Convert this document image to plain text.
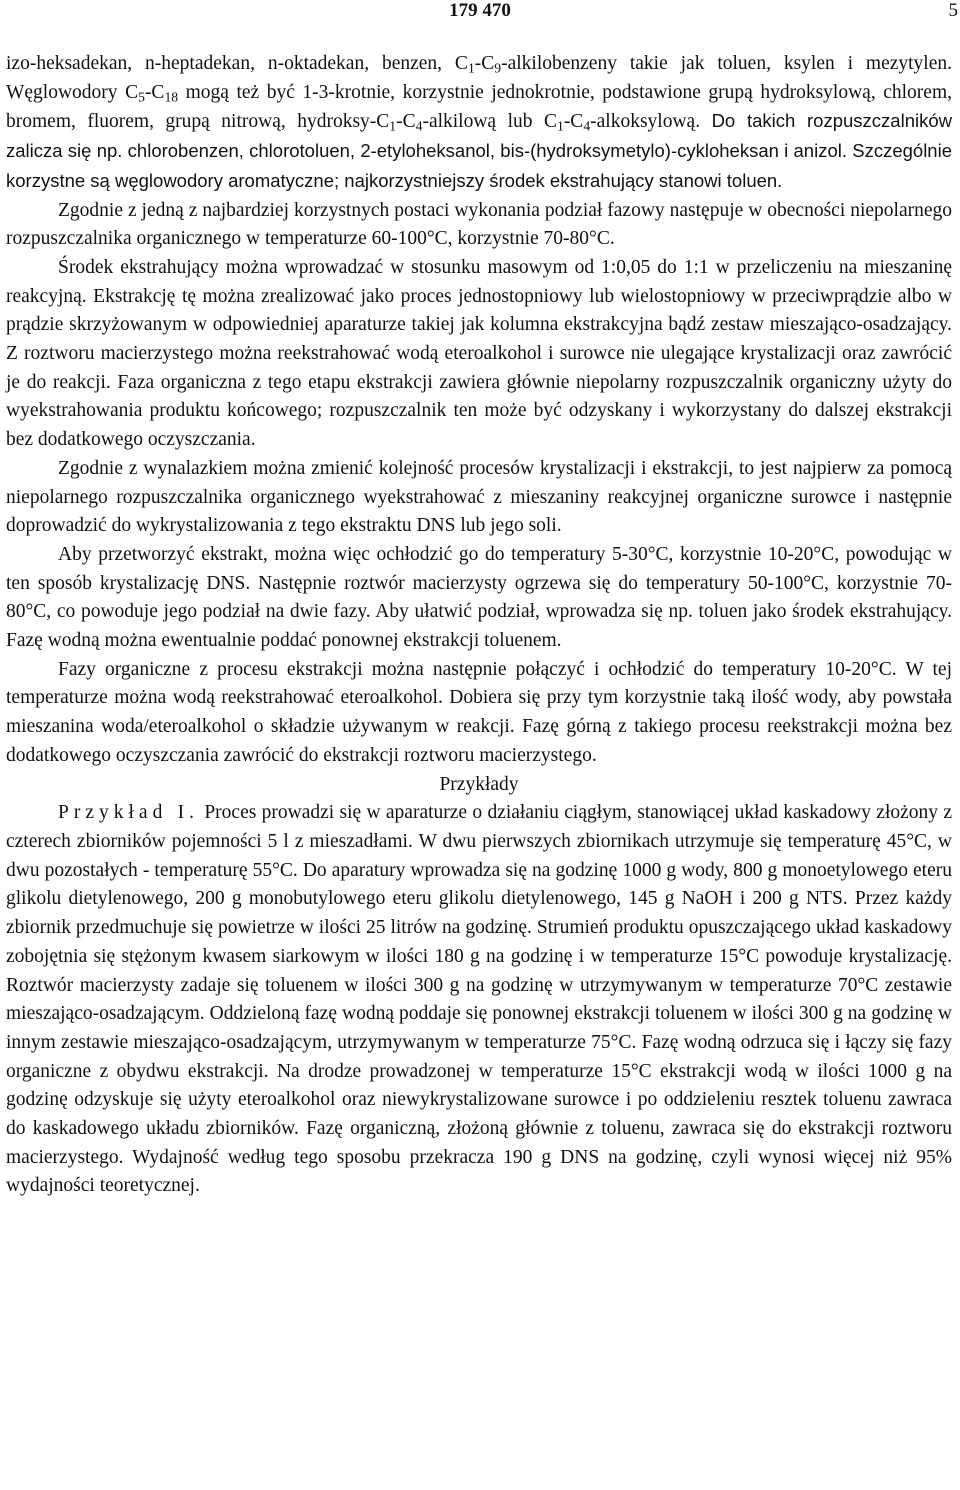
179 470	5

izo-heksadekan, n-heptadekan, n-oktadekan, benzen, $C_1-C_9$-alkilobenzeny takie jak toluen, ksylen i mezytylen. Węglowodory $C_5-C_{18}$ mogą też być 1-3-krotnie, korzystnie jednokrotnie, podstawione grupą hydroksylową, chlorem, bromem, fluorem, grupą nitrową, hydroksy-$C_1-C_4$-alkilową lub $C_1-C_4$-alkoksylową. Do takich rozpuszczalników zalicza się np. chlorobenzen, chlorotoluen, 2-etyloheksanol, bis-(hydroksymetylo)-cykloheksan i anizol. Szczególnie korzystne są węglowodory aromatyczne; najkorzystniejszy środek ekstrahujący stanowi toluen.

Zgodnie z jedną z najbardziej korzystnych postaci wykonania podział fazowy następuje w obecności niepolarnego rozpuszczalnika organicznego w temperaturze 60-100°C, korzystnie 70-80°C.

Środek ekstrahujący można wprowadzać w stosunku masowym od 1:0,05 do 1:1 w przeliczeniu na mieszaninę reakcyjną. Ekstrakcję tę można zrealizować jako proces jednostopniowy lub wielostopniowy w przeciwprądzie albo w prądzie skrzyżowanym w odpowiedniej aparaturze takiej jak kolumna ekstrakcyjna bądź zestaw mieszająco-osadzający. Z roztworu macierzystego można reekstrahować wodą eteroalkohol i surowce nie ulegające krystalizacji oraz zawrócić je do reakcji. Faza organiczna z tego etapu ekstrakcji zawiera głównie niepolarny rozpuszczalnik organiczny użyty do wyekstrahowania produktu końcowego; rozpuszczalnik ten może być odzyskany i wykorzystany do dalszej ekstrakcji bez dodatkowego oczyszczania.

Zgodnie z wynalazkiem można zmienić kolejność procesów krystalizacji i ekstrakcji, to jest najpierw za pomocą niepolarnego rozpuszczalnika organicznego wyekstrahować z mieszaniny reakcyjnej organiczne surowce i następnie doprowadzić do wykrystalizowania z tego ekstraktu DNS lub jego soli.

Aby przetworzyć ekstrakt, można więc ochłodzić go do temperatury 5-30°C, korzystnie 10-20°C, powodując w ten sposób krystalizację DNS. Następnie roztwór macierzysty ogrzewa się do temperatury 50-100°C, korzystnie 70-80°C, co powoduje jego podział na dwie fazy. Aby ułatwić podział, wprowadza się np. toluen jako środek ekstrahujący. Fazę wodną można ewentualnie poddać ponownej ekstrakcji toluenem.

Fazy organiczne z procesu ekstrakcji można następnie połączyć i ochłodzić do temperatury 10-20°C. W tej temperaturze można wodą reekstrahować eteroalkohol. Dobiera się przy tym korzystnie taką ilość wody, aby powstała mieszanina woda/eteroalkohol o składzie używanym w reakcji. Fazę górną z takiego procesu reekstrakcji można bez dodatkowego oczyszczania zawrócić do ekstrakcji roztworu macierzystego.

Przykłady

Przykład I. Proces prowadzi się w aparaturze o działaniu ciągłym, stanowiącej układ kaskadowy złożony z czterech zbiorników pojemności 5 l z mieszadłami. W dwu pierwszych zbiornikach utrzymuje się temperaturę 45°C, w dwu pozostałych - temperaturę 55°C. Do aparatury wprowadza się na godzinę 1000 g wody, 800 g monoetylowego eteru glikolu dietylenowego, 200 g monobutylowego eteru glikolu dietylenowego, 145 g NaOH i 200 g NTS. Przez każdy zbiornik przedmuchuje się powietrze w ilości 25 litrów na godzinę. Strumień produktu opuszczającego układ kaskadowy zobojętnia się stężonym kwasem siarkowym w ilości 180 g na godzinę i w temperaturze 15°C powoduje krystalizację. Roztwór macierzysty zadaje się toluenem w ilości 300 g na godzinę w utrzymywanym w temperaturze 70°C zestawie mieszająco-osadzającym. Oddzieloną fazę wodną poddaje się ponownej ekstrakcji toluenem w ilości 300 g na godzinę w innym zestawie mieszająco-osadzającym, utrzymywanym w temperaturze 75°C. Fazę wodną odrzuca się i łączy się fazy organiczne z obydwu ekstrakcji. Na drodze prowadzonej w temperaturze 15°C ekstrakcji wodą w ilości 1000 g na godzinę odzyskuje się użyty eteroalkohol oraz niewykrystalizowane surowce i po oddzieleniu resztek toluenu zawraca do kaskadowego układu zbiorników. Fazę organiczną, złożoną głównie z toluenu, zawraca się do ekstrakcji roztworu macierzystego. Wydajność według tego sposobu przekracza 190 g DNS na godzinę, czyli wynosi więcej niż 95% wydajności teoretycznej.
